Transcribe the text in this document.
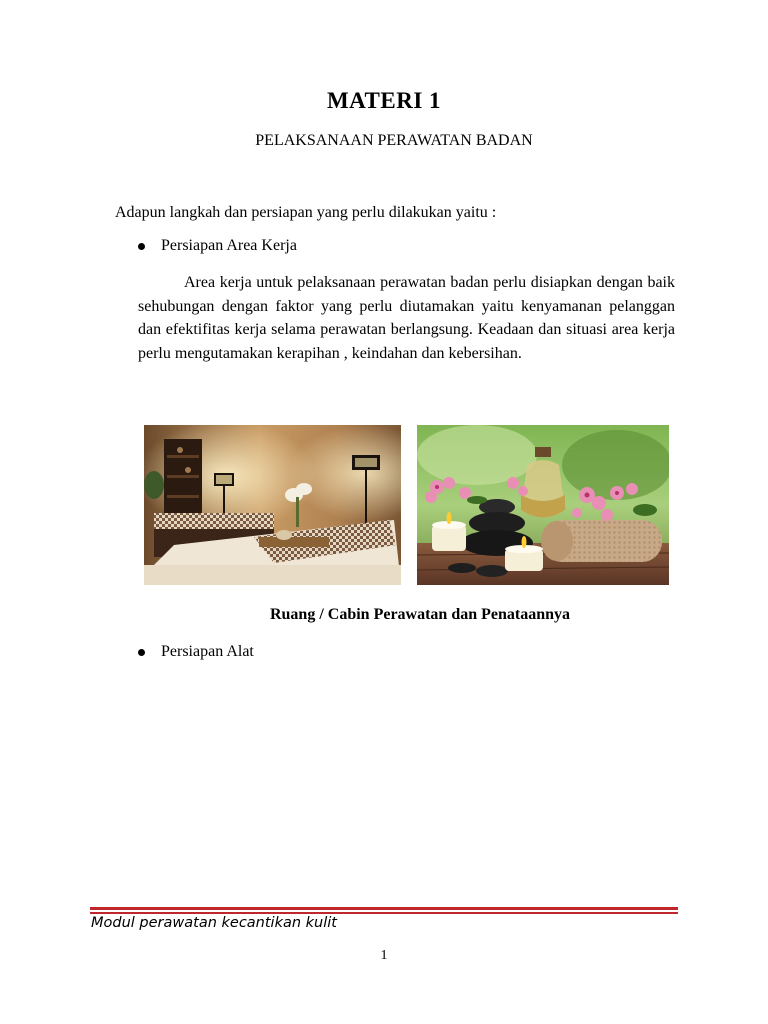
MATERI 1
PELAKSANAAN PERAWATAN BADAN
Adapun langkah dan persiapan yang perlu dilakukan yaitu :
Persiapan Area Kerja
Area kerja untuk pelaksanaan perawatan badan perlu disiapkan dengan baik sehubungan dengan faktor yang perlu diutamakan yaitu kenyamanan pelanggan dan efektifitas kerja selama perawatan berlangsung. Keadaan dan situasi area kerja perlu mengutamakan kerapihan , keindahan dan kebersihan.
Ruang / Cabin Perawatan dan Penataannya
Persiapan Alat
Modul perawatan kecantikan kulit
1
